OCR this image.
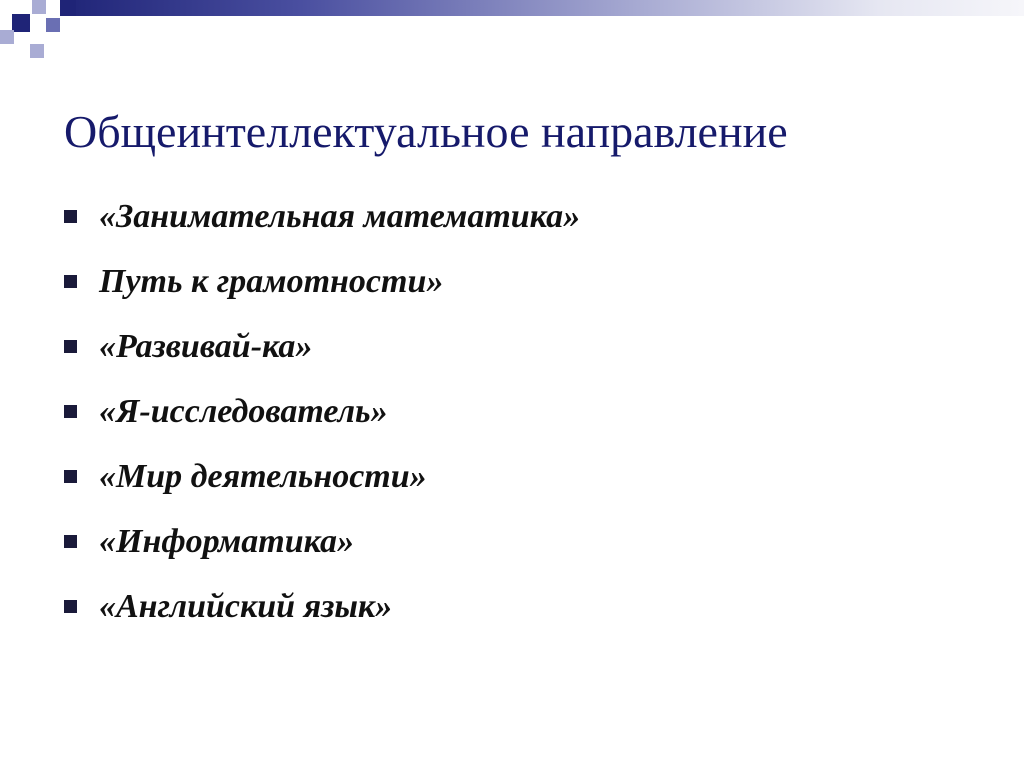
Общеинтеллектуальное направление
«Занимательная математика»
Путь к грамотности»
«Развивай-ка»
«Я-исследователь»
«Мир деятельности»
«Информатика»
«Английский язык»
